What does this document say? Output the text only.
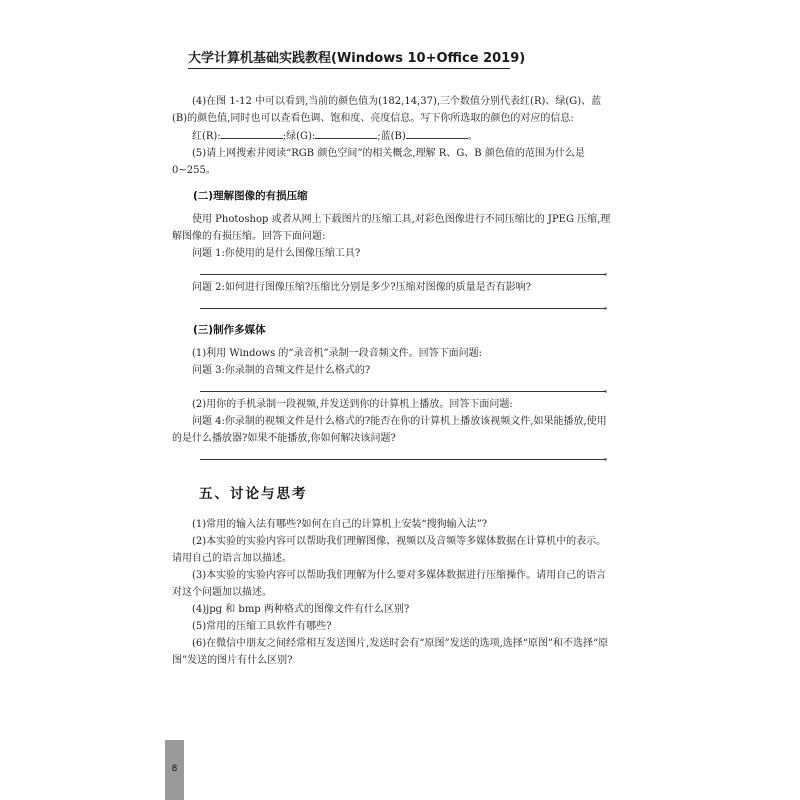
大学计算机基础实践教程(Windows 10+Office 2019)

(4)在图 1-12 中可以看到,当前的颜色值为(182,14,37),三个数值分别代表红(R)、绿(G)、蓝(B)的颜色值,同时也可以查看色调、饱和度、亮度信息。写下你所选取的颜色的对应的信息:

红(R):	;绿(G):	;蓝(B)	。

(5)请上网搜索并阅读“RGB 颜色空间”的相关概念,理解 R、G、B 颜色值的范围为什么是 0~255。

(二)理解图像的有损压缩

使用 Photoshop 或者从网上下载图片的压缩工具,对彩色图像进行不同压缩比的 JPEG 压缩,理解图像的有损压缩。回答下面问题:

问题 1:你使用的是什么图像压缩工具?

。

问题 2:如何进行图像压缩?压缩比分别是多少?压缩对图像的质量是否有影响?

。

(三)制作多媒体

(1)利用 Windows 的“录音机”录制一段音频文件。回答下面问题:

问题 3:你录制的音频文件是什么格式的?

。

(2)用你的手机录制一段视频,并发送到你的计算机上播放。回答下面问题:

问题 4:你录制的视频文件是什么格式的?能否在你的计算机上播放该视频文件,如果能播放,使用的是什么播放器?如果不能播放,你如何解决该问题?

。

五、讨论与思考

(1)常用的输入法有哪些?如何在自己的计算机上安装“搜狗输入法”?

(2)本实验的实验内容可以帮助我们理解图像、视频以及音频等多媒体数据在计算机中的表示。请用自己的语言加以描述。

(3)本实验的实验内容可以帮助我们理解为什么要对多媒体数据进行压缩操作。请用自己的语言对这个问题加以描述。

(4)jpg 和 bmp 两种格式的图像文件有什么区别?

(5)常用的压缩工具软件有哪些?

(6)在微信中朋友之间经常相互发送图片,发送时会有“原图”发送的选项,选择“原图”和不选择“原图”发送的图片有什么区别?

8
